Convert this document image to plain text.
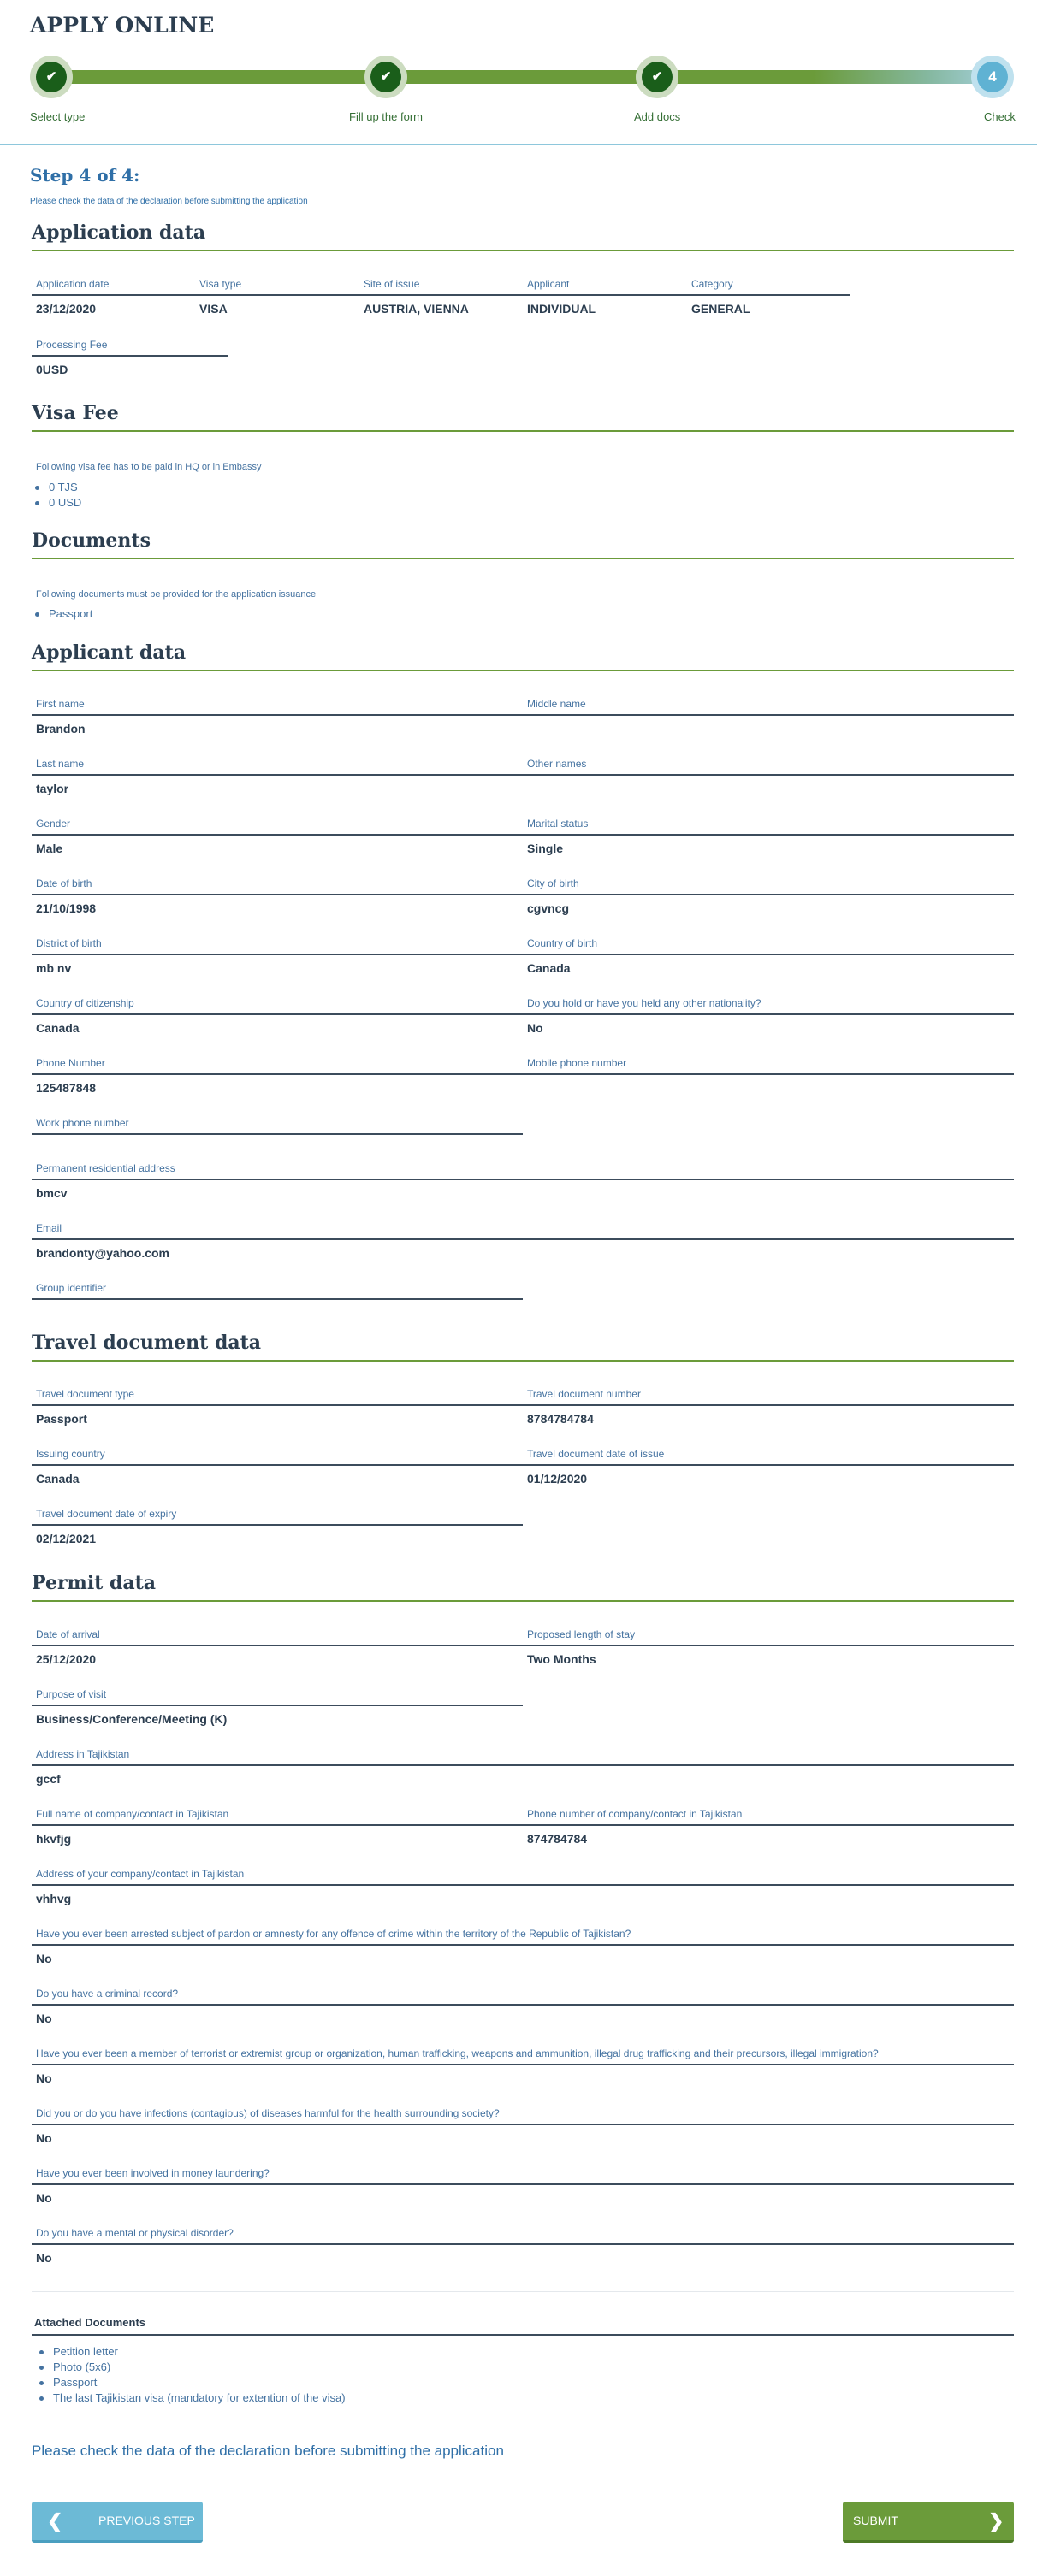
APPLY ONLINE
✔	✔	✔	4
Select type	Fill up the form	Add docs	Check
Step 4 of 4:
Please check the data of the declaration before submitting the application
Application data
Application date
23/12/2020
Visa type
VISA
Site of issue
AUSTRIA, VIENNA
Applicant
INDIVIDUAL
Category
GENERAL
Processing Fee
0USD
Visa Fee
Following visa fee has to be paid in HQ or in Embassy
0 TJS
0 USD
Documents
Following documents must be provided for the application issuance
Passport
Applicant data
First name
Brandon
Middle name
Last name
taylor
Other names
Gender
Male
Marital status
Single
Date of birth
21/10/1998
City of birth
cgvncg
District of birth
mb nv
Country of birth
Canada
Country of citizenship
Canada
Do you hold or have you held any other nationality?
No
Phone Number
125487848
Mobile phone number
Work phone number
Permanent residential address
bmcv
Email
brandonty@yahoo.com
Group identifier
Travel document data
Travel document type
Passport
Travel document number
8784784784
Issuing country
Canada
Travel document date of issue
01/12/2020
Travel document date of expiry
02/12/2021
Permit data
Date of arrival
25/12/2020
Proposed length of stay
Two Months
Purpose of visit
Business/Conference/Meeting (K)
Address in Tajikistan
gccf
Full name of company/contact in Tajikistan
hkvfjg
Phone number of company/contact in Tajikistan
874784784
Address of your company/contact in Tajikistan
vhhvg
Have you ever been arrested subject of pardon or amnesty for any offence of crime within the territory of the Republic of Tajikistan?
No
Do you have a criminal record?
No
Have you ever been a member of terrorist or extremist group or organization, human trafficking, weapons and ammunition, illegal drug trafficking and their precursors, illegal immigration?
No
Did you or do you have infections (contagious) of diseases harmful for the health surrounding society?
No
Have you ever been involved in money laundering?
No
Do you have a mental or physical disorder?
No
Attached Documents
Petition letter
Photo (5x6)
Passport
The last Tajikistan visa (mandatory for extention of the visa)
Please check the data of the declaration before submitting the application
❮	PREVIOUS STEP	SUBMIT	❯
